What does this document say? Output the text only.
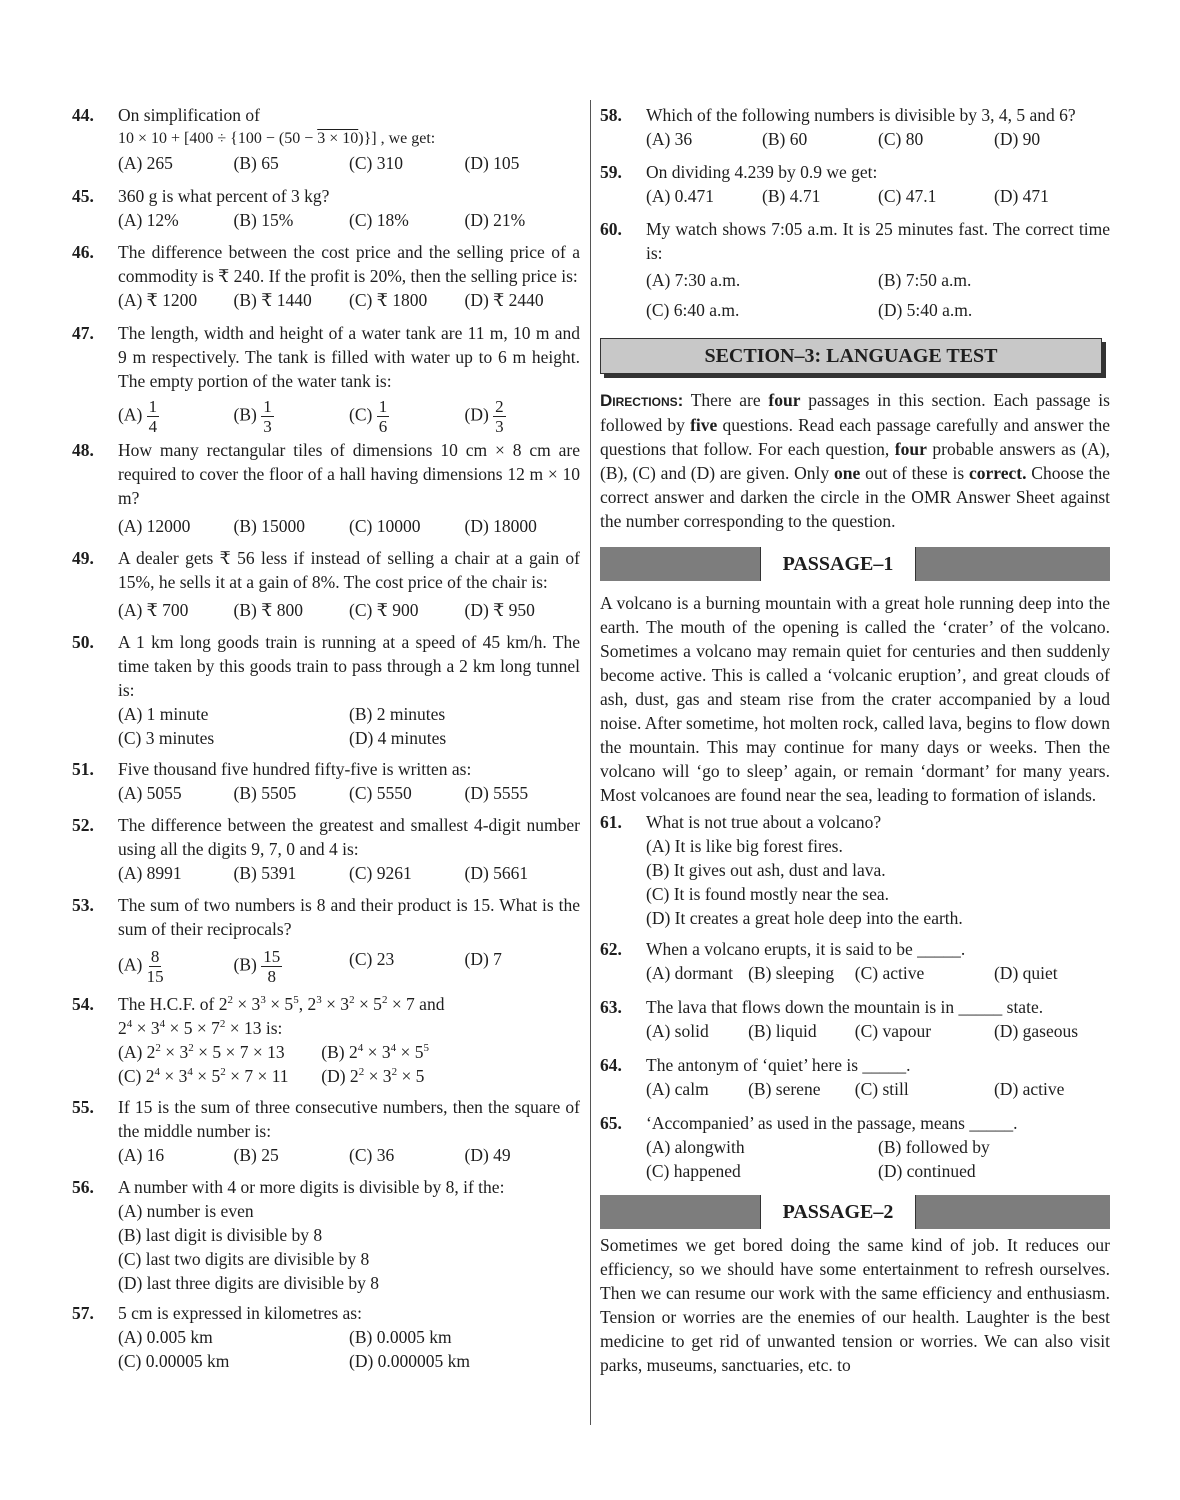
44. On simplification of
10 × 10 + [400 ÷ {100 − (50 − 3 × 10)}] , we get:
(A) 265	(B) 65	(C) 310	(D) 105
45. 360 g is what percent of 3 kg?
(A) 12%	(B) 15%	(C) 18%	(D) 21%
46. The difference between the cost price and the selling price of a commodity is ₹ 240. If the profit is 20%, then the selling price is:
(A) ₹ 1200	(B) ₹ 1440	(C) ₹ 1800	(D) ₹ 2440
47. The length, width and height of a water tank are 11 m, 10 m and 9 m respectively. The tank is filled with water up to 6 m height. The empty portion of the water tank is:
$(A) \frac{1}{4}$	$(B) \frac{1}{3}$	$(C) \frac{1}{6}$	$(D) \frac{2}{3}$
48. How many rectangular tiles of dimensions 10 cm × 8 cm are required to cover the floor of a hall having dimensions 12 m × 10 m?
(A) 12000	(B) 15000	(C) 10000	(D) 18000
49. A dealer gets ₹ 56 less if instead of selling a chair at a gain of 15%, he sells it at a gain of 8%. The cost price of the chair is:
(A) ₹ 700	(B) ₹ 800	(C) ₹ 900	(D) ₹ 950
50. A 1 km long goods train is running at a speed of 45 km/h. The time taken by this goods train to pass through a 2 km long tunnel is:
(A) 1 minute	(B) 2 minutes
(C) 3 minutes	(D) 4 minutes
51. Five thousand five hundred fifty-five is written as:
(A) 5055	(B) 5505	(C) 5550	(D) 5555
52. The difference between the greatest and smallest 4-digit number using all the digits 9, 7, 0 and 4 is:
(A) 8991	(B) 5391	(C) 9261	(D) 5661
53. The sum of two numbers is 8 and their product is 15. What is the sum of their reciprocals?
$(A) \frac{8}{15}$	$(B) \frac{15}{8}$	(C) 23	(D) 7
54. The H.C.F. of $2^2 \times 3^3 \times 5^5$, $2^3 \times 3^2 \times 5^2 \times 7$ and
$2^4 \times 3^4 \times 5 \times 7^2 \times 13$ is:
(A) $2^2 \times 3^2 \times 5 \times 7 \times 13$	(B) $2^4 \times 3^4 \times 5^5$
(C) $2^4 \times 3^4 \times 5^2 \times 7 \times 11$	(D) $2^2 \times 3^2 \times 5$
55. If 15 is the sum of three consecutive numbers, then the square of the middle number is:
(A) 16	(B) 25	(C) 36	(D) 49
56. A number with 4 or more digits is divisible by 8, if the:
(A) number is even
(B) last digit is divisible by 8
(C) last two digits are divisible by 8
(D) last three digits are divisible by 8
57. 5 cm is expressed in kilometres as:
(A) 0.005 km	(B) 0.0005 km
(C) 0.00005 km	(D) 0.000005 km
58. Which of the following numbers is divisible by 3, 4, 5 and 6?
(A) 36	(B) 60	(C) 80	(D) 90
59. On dividing 4.239 by 0.9 we get:
(A) 0.471	(B) 4.71	(C) 47.1	(D) 471
60. My watch shows 7:05 a.m. It is 25 minutes fast. The correct time is:
(A) 7:30 a.m.	(B) 7:50 a.m.
(C) 6:40 a.m.	(D) 5:40 a.m.
SECTION–3: LANGUAGE TEST
Directions: There are four passages in this section. Each passage is followed by five questions. Read each passage carefully and answer the questions that follow. For each question, four probable answers as (A), (B), (C) and (D) are given. Only one out of these is correct. Choose the correct answer and darken the circle in the OMR Answer Sheet against the number corresponding to the question.
PASSAGE–1
A volcano is a burning mountain with a great hole running deep into the earth. The mouth of the opening is called the ‘crater’ of the volcano. Sometimes a volcano may remain quiet for centuries and then suddenly become active. This is called a ‘volcanic eruption’, and great clouds of ash, dust, gas and steam rise from the crater accompanied by a loud noise. After sometime, hot molten rock, called lava, begins to flow down the mountain. This may continue for many days or weeks. Then the volcano will ‘go to sleep’ again, or remain ‘dormant’ for many years. Most volcanoes are found near the sea, leading to formation of islands.
61. What is not true about a volcano?
(A) It is like big forest fires.
(B) It gives out ash, dust and lava.
(C) It is found mostly near the sea.
(D) It creates a great hole deep into the earth.
62. When a volcano erupts, it is said to be _____.
(A) dormant (B) sleeping	(C) active	(D) quiet
63. The lava that flows down the mountain is in _____ state.
(A) solid	(B) liquid	(C) vapour	(D) gaseous
64. The antonym of ‘quiet’ here is _____.
(A) calm	(B) serene	(C) still	(D) active
65. ‘Accompanied’ as used in the passage, means _____.
(A) alongwith	(B) followed by
(C) happened	(D) continued
PASSAGE–2
Sometimes we get bored doing the same kind of job. It reduces our efficiency, so we should have some entertainment to refresh ourselves. Then we can resume our work with the same efficiency and enthusiasm. Tension or worries are the enemies of our health. Laughter is the best medicine to get rid of unwanted tension or worries. We can also visit parks, museums, sanctuaries, etc. to
